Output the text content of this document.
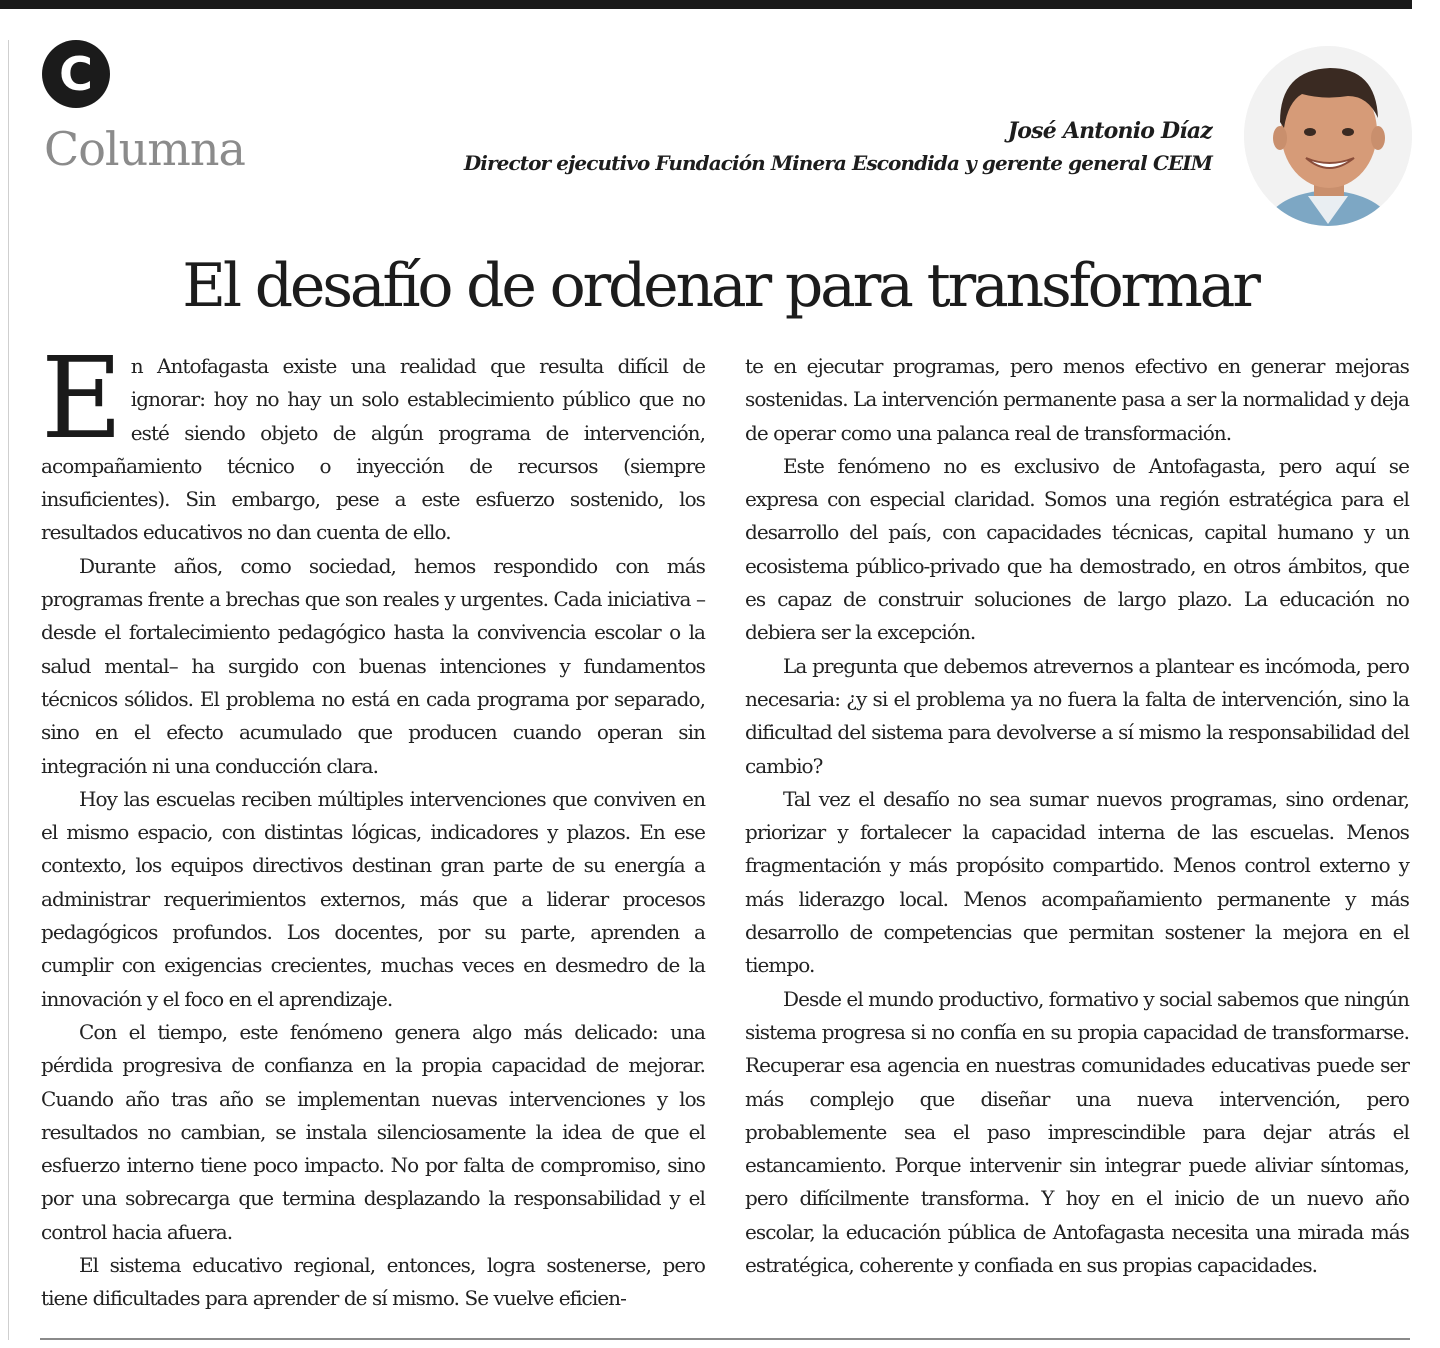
C
Columna	José Antonio Díaz
Director ejecutivo Fundación Minera Escondida y gerente general CEIM
El desafío de ordenar para transformar

En Antofagasta existe una realidad que resulta difícil de ignorar: hoy no hay un solo establecimiento público que no esté siendo objeto de algún programa de intervención, acompañamiento técnico o inyección de recursos (siempre insuficientes). Sin embargo, pese a este esfuerzo sostenido, los resultados educativos no dan cuenta de ello.

Durante años, como sociedad, hemos respondido con más programas frente a brechas que son reales y urgentes. Cada iniciativa –desde el fortalecimiento pedagógico hasta la convivencia escolar o la salud mental– ha surgido con buenas intenciones y fundamentos técnicos sólidos. El problema no está en cada programa por separado, sino en el efecto acumulado que producen cuando operan sin integración ni una conducción clara.

Hoy las escuelas reciben múltiples intervenciones que conviven en el mismo espacio, con distintas lógicas, indicadores y plazos. En ese contexto, los equipos directivos destinan gran parte de su energía a administrar requerimientos externos, más que a liderar procesos pedagógicos profundos. Los docentes, por su parte, aprenden a cumplir con exigencias crecientes, muchas veces en desmedro de la innovación y el foco en el aprendizaje.

Con el tiempo, este fenómeno genera algo más delicado: una pérdida progresiva de confianza en la propia capacidad de mejorar. Cuando año tras año se implementan nuevas intervenciones y los resultados no cambian, se instala silenciosamente la idea de que el esfuerzo interno tiene poco impacto. No por falta de compromiso, sino por una sobrecarga que termina desplazando la responsabilidad y el control hacia afuera.

El sistema educativo regional, entonces, logra sostenerse, pero tiene dificultades para aprender de sí mismo. Se vuelve eficien-

te en ejecutar programas, pero menos efectivo en generar mejoras sostenidas. La intervención permanente pasa a ser la normalidad y deja de operar como una palanca real de transformación.

Este fenómeno no es exclusivo de Antofagasta, pero aquí se expresa con especial claridad. Somos una región estratégica para el desarrollo del país, con capacidades técnicas, capital humano y un ecosistema público-privado que ha demostrado, en otros ámbitos, que es capaz de construir soluciones de largo plazo. La educación no debiera ser la excepción.

La pregunta que debemos atrevernos a plantear es incómoda, pero necesaria: ¿y si el problema ya no fuera la falta de intervención, sino la dificultad del sistema para devolverse a sí mismo la responsabilidad del cambio?

Tal vez el desafío no sea sumar nuevos programas, sino ordenar, priorizar y fortalecer la capacidad interna de las escuelas. Menos fragmentación y más propósito compartido. Menos control externo y más liderazgo local. Menos acompañamiento permanente y más desarrollo de competencias que permitan sostener la mejora en el tiempo.

Desde el mundo productivo, formativo y social sabemos que ningún sistema progresa si no confía en su propia capacidad de transformarse. Recuperar esa agencia en nuestras comunidades educativas puede ser más complejo que diseñar una nueva intervención, pero probablemente sea el paso imprescindible para dejar atrás el estancamiento. Porque intervenir sin integrar puede aliviar síntomas, pero difícilmente transforma. Y hoy en el inicio de un nuevo año escolar, la educación pública de Antofagasta necesita una mirada más estratégica, coherente y confiada en sus propias capacidades.
